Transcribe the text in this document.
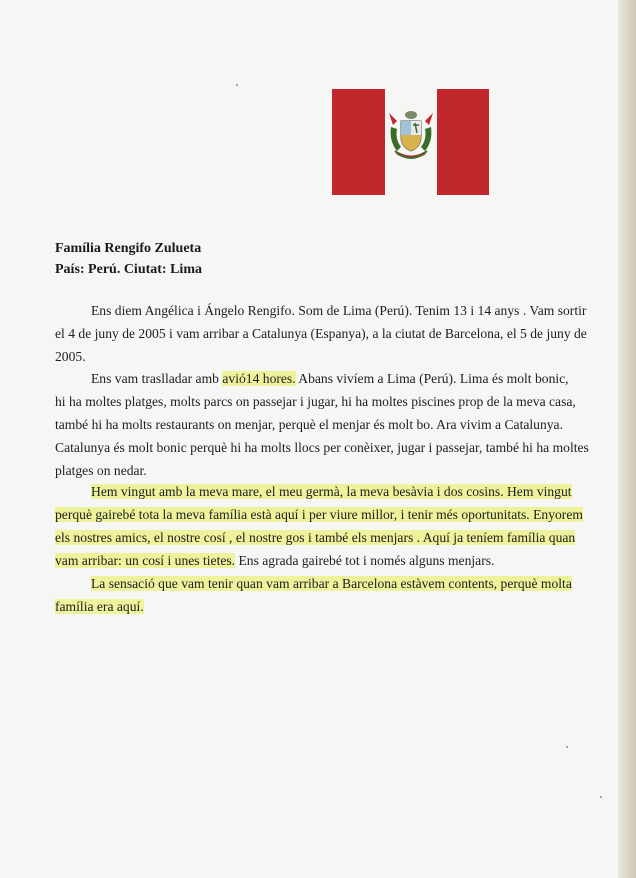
Família Rengifo Zulueta
País: Perú. Ciutat: Lima
Ens diem Angélica i Ángelo Rengifo. Som de Lima (Perú). Tenim 13 i 14 anys . Vam sortir
el 4 de juny de 2005 i vam arribar a Catalunya (Espanya), a la ciutat de Barcelona, el 5 de juny de
2005.
Ens vam traslladar amb avió14 hores. Abans vivíem a Lima (Perú). Lima és molt bonic,
hi ha moltes platges, molts parcs on passejar i jugar, hi ha moltes piscines prop de la meva casa,
també hi ha molts restaurants on menjar, perquè el menjar és molt bo. Ara vivim a Catalunya.
Catalunya és molt bonic perquè hi ha molts llocs per conèixer, jugar i passejar, també hi ha moltes
platges on nedar.
Hem vingut amb la meva mare, el meu germà, la meva besàvia i dos cosins. Hem vingut
perquè gairebé tota la meva família està aquí i per viure millor, i tenir més oportunitats. Enyorem
els nostres amics, el nostre cosí , el nostre gos i també els menjars . Aquí ja teníem família quan
vam arribar: un cosí i unes tietes. Ens agrada gairebé tot i només alguns menjars.
La sensació que vam tenir quan vam arribar a Barcelona estàvem contents, perquè molta
família era aquí.
